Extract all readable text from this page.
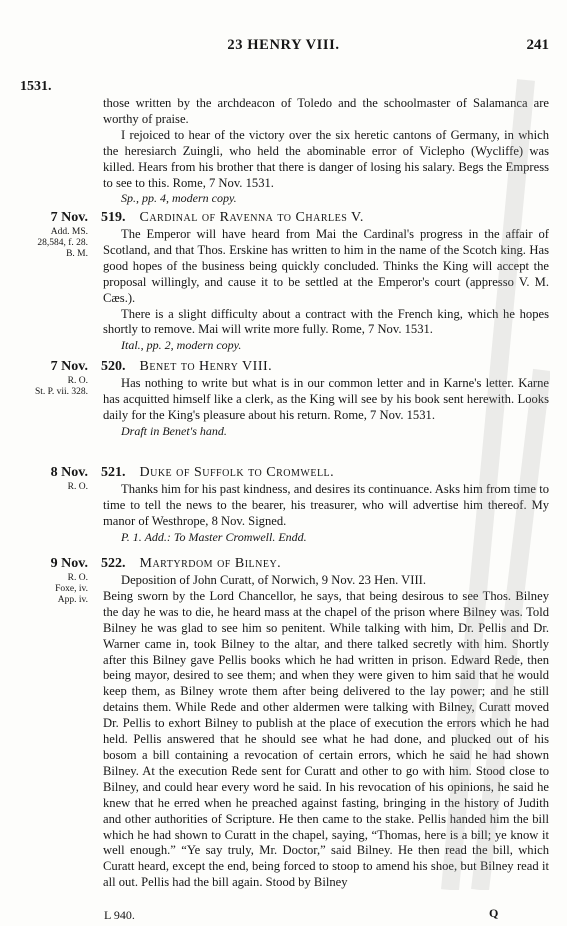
23 HENRY VIII.	241
1531.

those written by the archdeacon of Toledo and the schoolmaster of Salamanca are worthy of praise.

I rejoiced to hear of the victory over the six heretic cantons of Germany, in which the heresiarch Zuingli, who held the abominable error of Viclepho (Wycliffe) was killed. Hears from his brother that there is danger of losing his salary. Begs the Empress to see to this. Rome, 7 Nov. 1531.

Sp., pp. 4, modern copy.
7 Nov.
Add. MS.
28,584, f. 28.
B. M.
519. Cardinal of Ravenna to Charles V.

The Emperor will have heard from Mai the Cardinal's progress in the affair of Scotland, and that Thos. Erskine has written to him in the name of the Scotch king. Has good hopes of the business being quickly concluded. Thinks the King will accept the proposal willingly, and cause it to be settled at the Emperor's court (appresso V. M. Cæs.).

There is a slight difficulty about a contract with the French king, which he hopes shortly to remove. Mai will write more fully. Rome, 7 Nov. 1531.

Ital., pp. 2, modern copy.
7 Nov.
R. O.
St. P. vii. 328.
520. Benet to Henry VIII.

Has nothing to write but what is in our common letter and in Karne's letter. Karne has acquitted himself like a clerk, as the King will see by his book sent herewith. Looks daily for the King's pleasure about his return. Rome, 7 Nov. 1531.

Draft in Benet's hand.
8 Nov.
R. O.
521. Duke of Suffolk to Cromwell.

Thanks him for his past kindness, and desires its continuance. Asks him from time to time to tell the news to the bearer, his treasurer, who will advertise him thereof. My manor of Westhrope, 8 Nov. Signed.

P. 1. Add.: To Master Cromwell. Endd.
9 Nov.
R. O.
Foxe, iv.
App. iv.
522. Martyrdom of Bilney.

Deposition of John Curatt, of Norwich, 9 Nov. 23 Hen. VIII.

Being sworn by the Lord Chancellor, he says, that being desirous to see Thos. Bilney the day he was to die, he heard mass at the chapel of the prison where Bilney was. Told Bilney he was glad to see him so penitent. While talking with him, Dr. Pellis and Dr. Warner came in, took Bilney to the altar, and there talked secretly with him. Shortly after this Bilney gave Pellis books which he had written in prison. Edward Rede, then being mayor, desired to see them; and when they were given to him said that he would keep them, as Bilney wrote them after being delivered to the lay power; and he still detains them. While Rede and other aldermen were talking with Bilney, Curatt moved Dr. Pellis to exhort Bilney to publish at the place of execution the errors which he had held. Pellis answered that he should see what he had done, and plucked out of his bosom a bill containing a revocation of certain errors, which he said he had shown Bilney. At the execution Rede sent for Curatt and other to go with him. Stood close to Bilney, and could hear every word he said. In his revocation of his opinions, he said he knew that he erred when he preached against fasting, bringing in the history of Judith and other authorities of Scripture. He then came to the stake. Pellis handed him the bill which he had shown to Curatt in the chapel, saying, “Thomas, here is a bill; ye know it well enough.” “Ye say truly, Mr. Doctor,” said Bilney. He then read the bill, which Curatt heard, except the end, being forced to stoop to amend his shoe, but Bilney read it all out. Pellis had the bill again. Stood by Bilney

L 940.	Q
